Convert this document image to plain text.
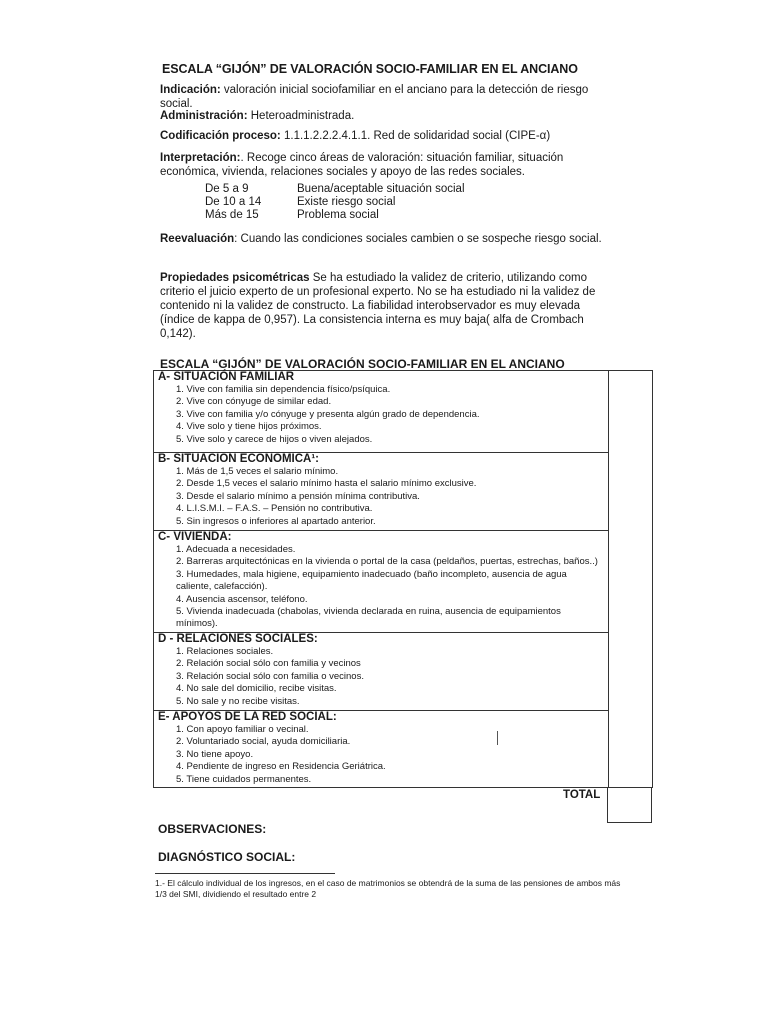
ESCALA “GIJÓN” DE VALORACIÓN SOCIO-FAMILIAR EN EL ANCIANO
Indicación: valoración inicial sociofamiliar en el anciano para la detección de riesgo social.
Administración: Heteroadministrada.
Codificación proceso: 1.1.1.2.2.2.4.1.1. Red de solidaridad social (CIPE-α)
Interpretación:. Recoge cinco áreas de valoración: situación familiar, situación económica, vivienda, relaciones sociales y apoyo de las redes sociales.
De 5 a 9	Buena/aceptable situación social
De 10 a 14	Existe riesgo social
Más de 15	Problema social
Reevaluación: Cuando las condiciones sociales cambien o se sospeche riesgo social.
Propiedades psicométricas Se ha estudiado la validez de criterio, utilizando como criterio el juicio experto de un profesional experto. No se ha estudiado ni la validez de contenido ni la validez de constructo. La fiabilidad interobservador es muy elevada (índice de kappa de 0,957). La consistencia interna es muy baja( alfa de Crombach 0,142).
ESCALA “GIJÓN” DE VALORACIÓN SOCIO-FAMILIAR EN EL ANCIANO
A- SITUACIÓN FAMILIAR
1. Vive con familia sin dependencia físico/psíquica.
2. Vive con cónyuge de similar edad.
3. Vive con familia y/o cónyuge y presenta algún grado de dependencia.
4. Vive solo y tiene hijos próximos.
5. Vive solo y carece de hijos o viven alejados.
B- SITUACION ECONOMICA¹:
1. Más de 1,5 veces el salario mínimo.
2. Desde 1,5 veces el salario mínimo hasta el salario mínimo exclusive.
3. Desde el salario mínimo a pensión mínima contributiva.
4. L.I.S.M.I. – F.A.S. – Pensión no contributiva.
5. Sin ingresos o inferiores al apartado anterior.
C- VIVIENDA:
1. Adecuada a necesidades.
2. Barreras arquitectónicas en la vivienda o portal de la casa (peldaños, puertas, estrechas, baños..)
3. Humedades, mala higiene, equipamiento inadecuado (baño incompleto, ausencia de agua caliente, calefacción).
4. Ausencia ascensor, teléfono.
5. Vivienda inadecuada (chabolas, vivienda declarada en ruina, ausencia de equipamientos mínimos).
D - RELACIONES SOCIALES:
1. Relaciones sociales.
2. Relación social sólo con familia y vecinos
3. Relación social sólo con familia o vecinos.
4. No sale del domicilio, recibe visitas.
5. No sale y no recibe visitas.
E- APOYOS DE LA RED SOCIAL:
1. Con apoyo familiar o vecinal.
2. Voluntariado social, ayuda domiciliaria.
3. No tiene apoyo.
4. Pendiente de ingreso en Residencia Geriátrica.
5. Tiene cuidados permanentes.
TOTAL
OBSERVACIONES:
DIAGNÓSTICO SOCIAL:
1.- El cálculo individual de los ingresos, en el caso de matrimonios se obtendrá de la suma de las pensiones de ambos más 1/3 del SMI, dividiendo el resultado entre 2
